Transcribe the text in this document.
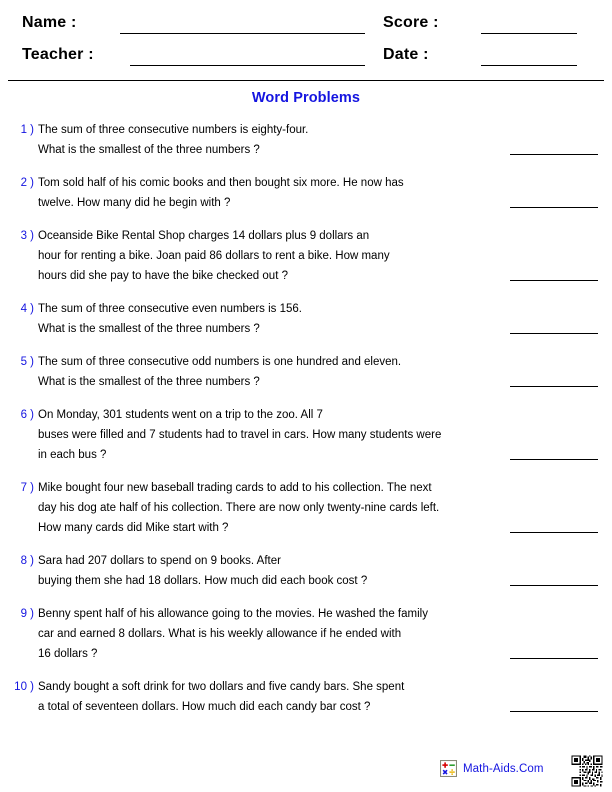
Name :
Teacher :
Score :
Date :
Word Problems
1 ) The sum of three consecutive numbers is eighty-four.
What is the smallest of the three numbers ?
2 ) Tom sold half of his comic books and then bought six more. He now has
twelve. How many did he begin with ?
3 ) Oceanside Bike Rental Shop charges 14 dollars plus 9 dollars an
hour for renting a bike. Joan paid 86 dollars to rent a bike. How many
hours did she pay to have the bike checked out ?
4 ) The sum of three consecutive even numbers is 156.
What is the smallest of the three numbers ?
5 ) The sum of three consecutive odd numbers is one hundred and eleven.
What is the smallest of the three numbers ?
6 ) On Monday, 301 students went on a trip to the zoo. All 7
buses were filled and 7 students had to travel in cars. How many students were
in each bus ?
7 ) Mike bought four new baseball trading cards to add to his collection. The next
day his dog ate half of his collection. There are now only twenty-nine cards left.
How many cards did Mike start with ?
8 ) Sara had 207 dollars to spend on 9 books. After
buying them she had 18 dollars. How much did each book cost ?
9 ) Benny spent half of his allowance going to the movies. He washed the family
car and earned 8 dollars. What is his weekly allowance if he ended with
16 dollars ?
10 ) Sandy bought a soft drink for two dollars and five candy bars. She spent
a total of seventeen dollars. How much did each candy bar cost ?
Math-Aids.Com
